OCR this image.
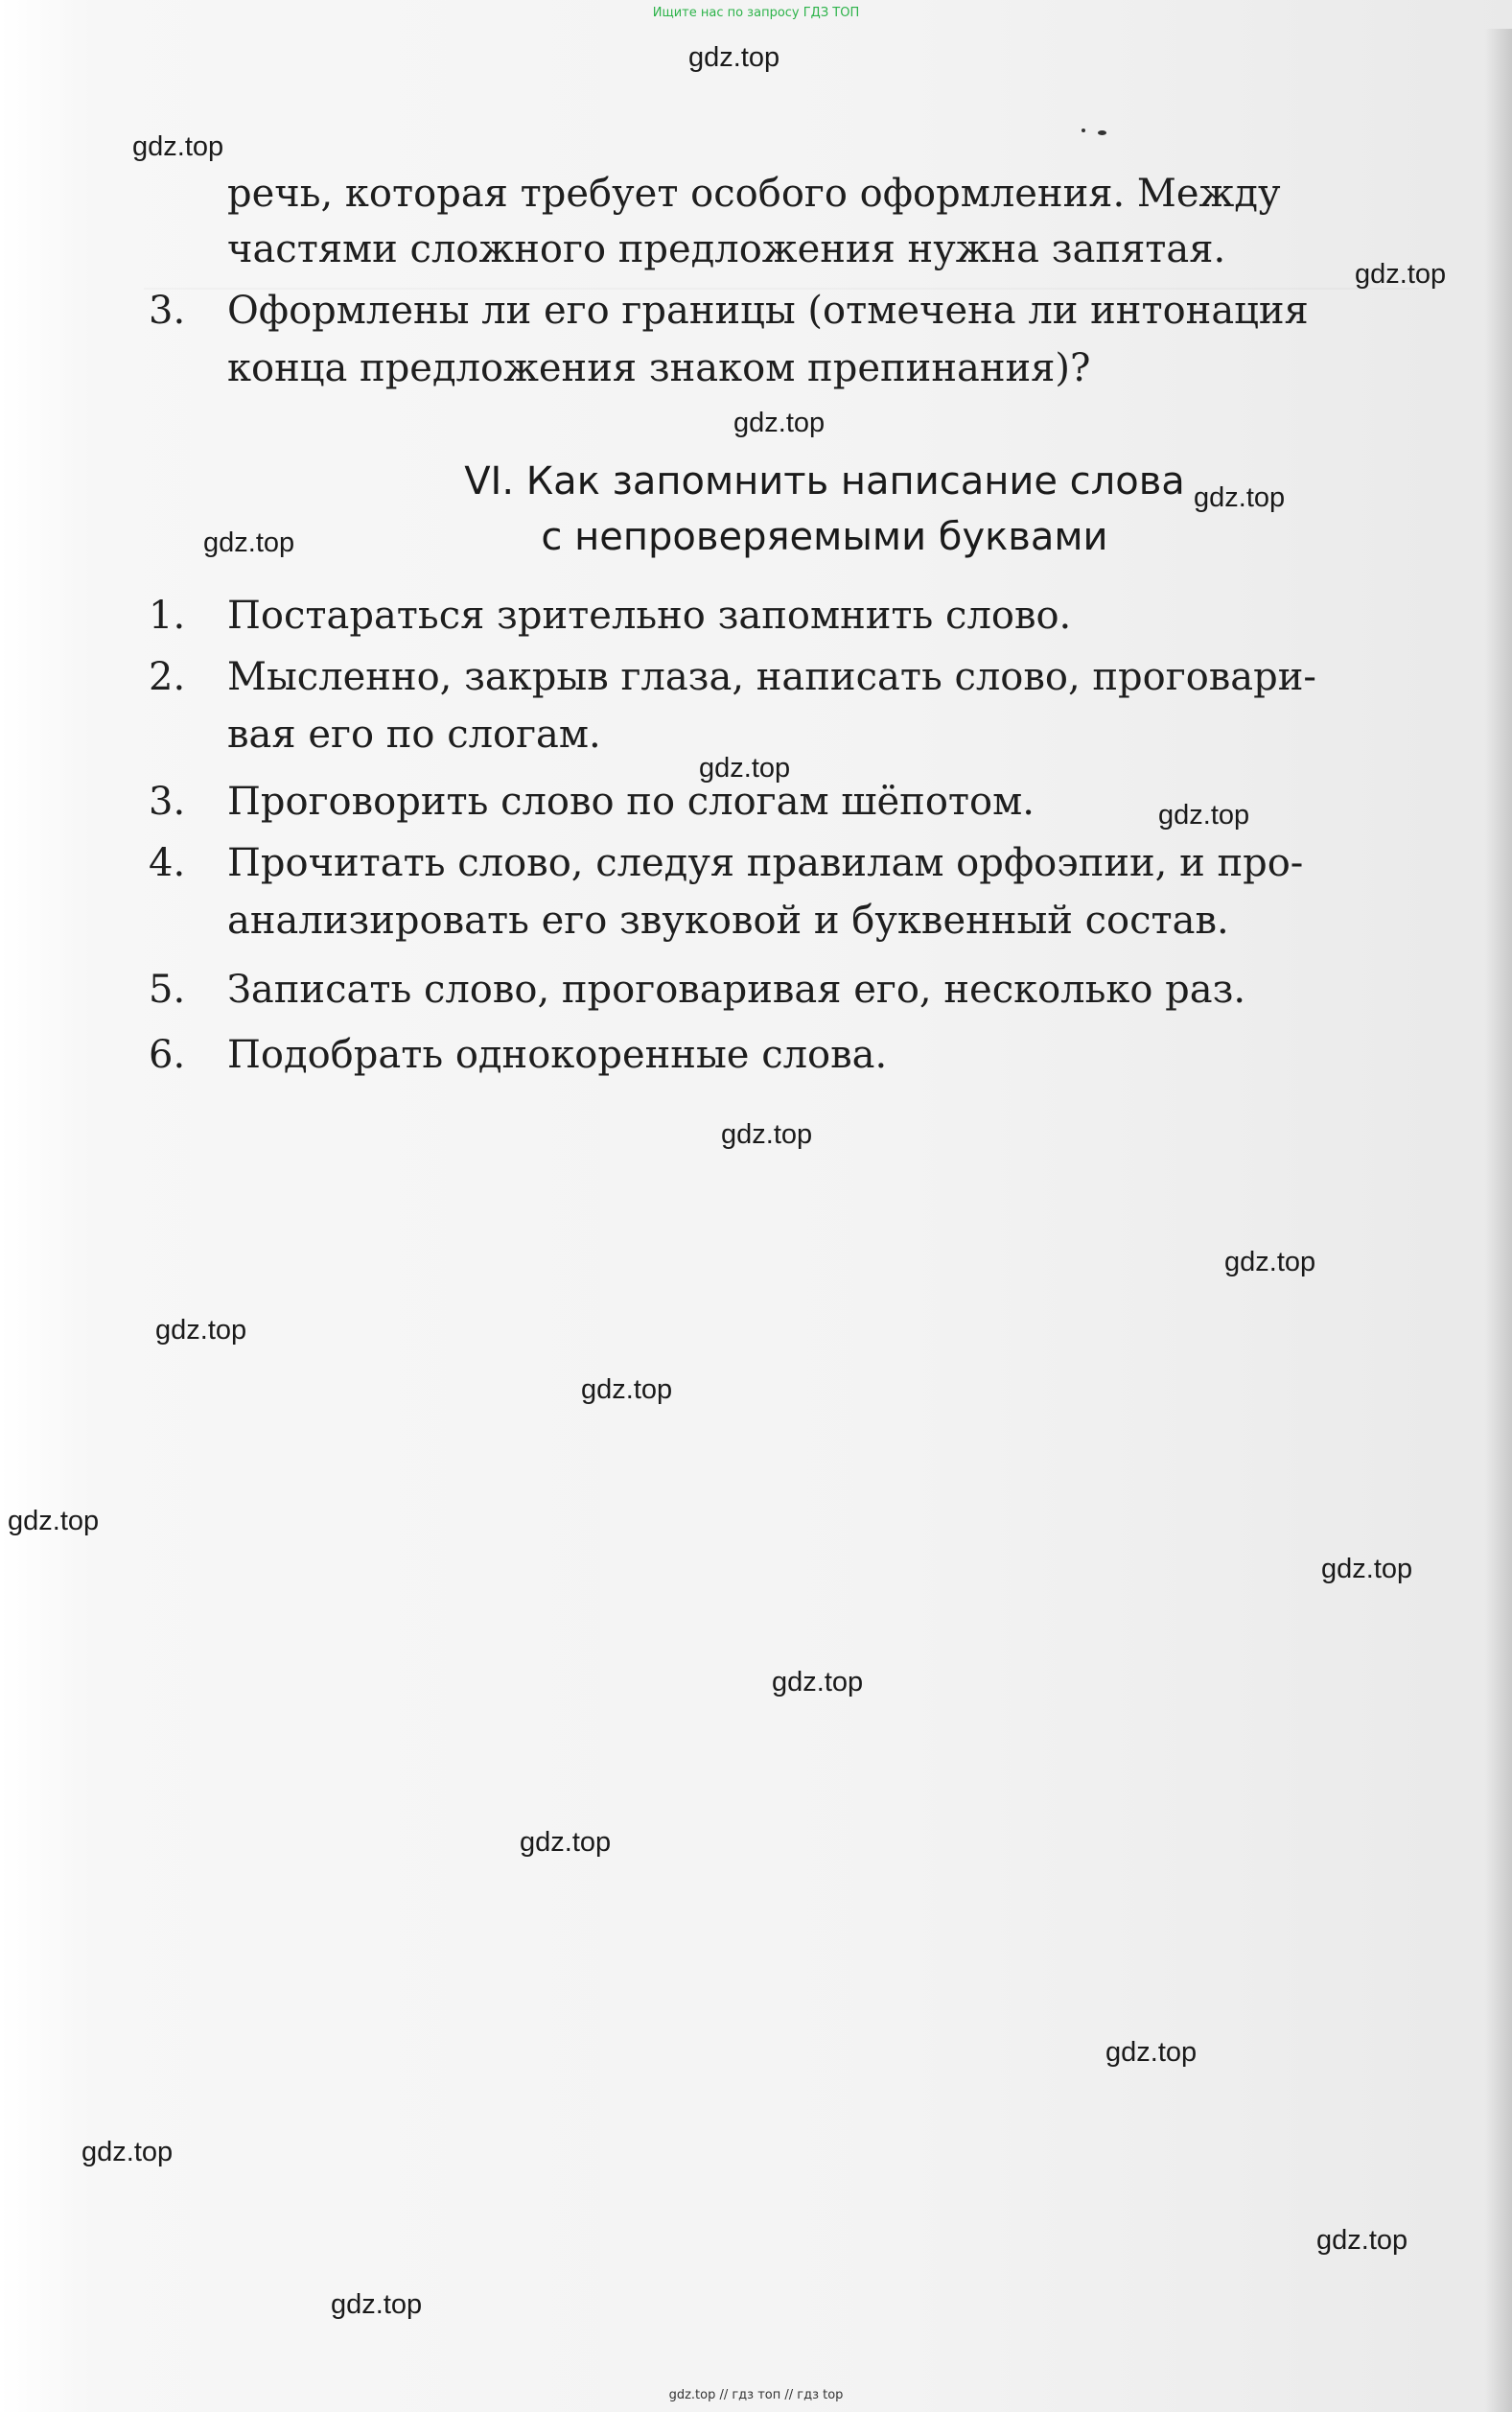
Ищите нас по запросу ГДЗ ТОП
речь, которая требует особого оформления. Между
частями сложного предложения нужна запятая.
3. Оформлены ли его границы (отмечена ли интонация
конца предложения знаком препинания)?
VI. Как запомнить написание слова
с непроверяемыми буквами
1. Постараться зрительно запомнить слово.
2. Мысленно, закрыв глаза, написать слово, проговари-
вая его по слогам.
3. Проговорить слово по слогам шёпотом.
4. Прочитать слово, следуя правилам орфоэпии, и про-
анализировать его звуковой и буквенный состав.
5. Записать слово, проговаривая его, несколько раз.
6. Подобрать однокоренные слова.
gdz.top
gdz.top
gdz.top
gdz.top
gdz.top
gdz.top
gdz.top
gdz.top
gdz.top
gdz.top
gdz.top
gdz.top
gdz.top
gdz.top
gdz.top
gdz.top
gdz.top
gdz.top
gdz.top
gdz.top
gdz.top // гдз топ // гдз top
